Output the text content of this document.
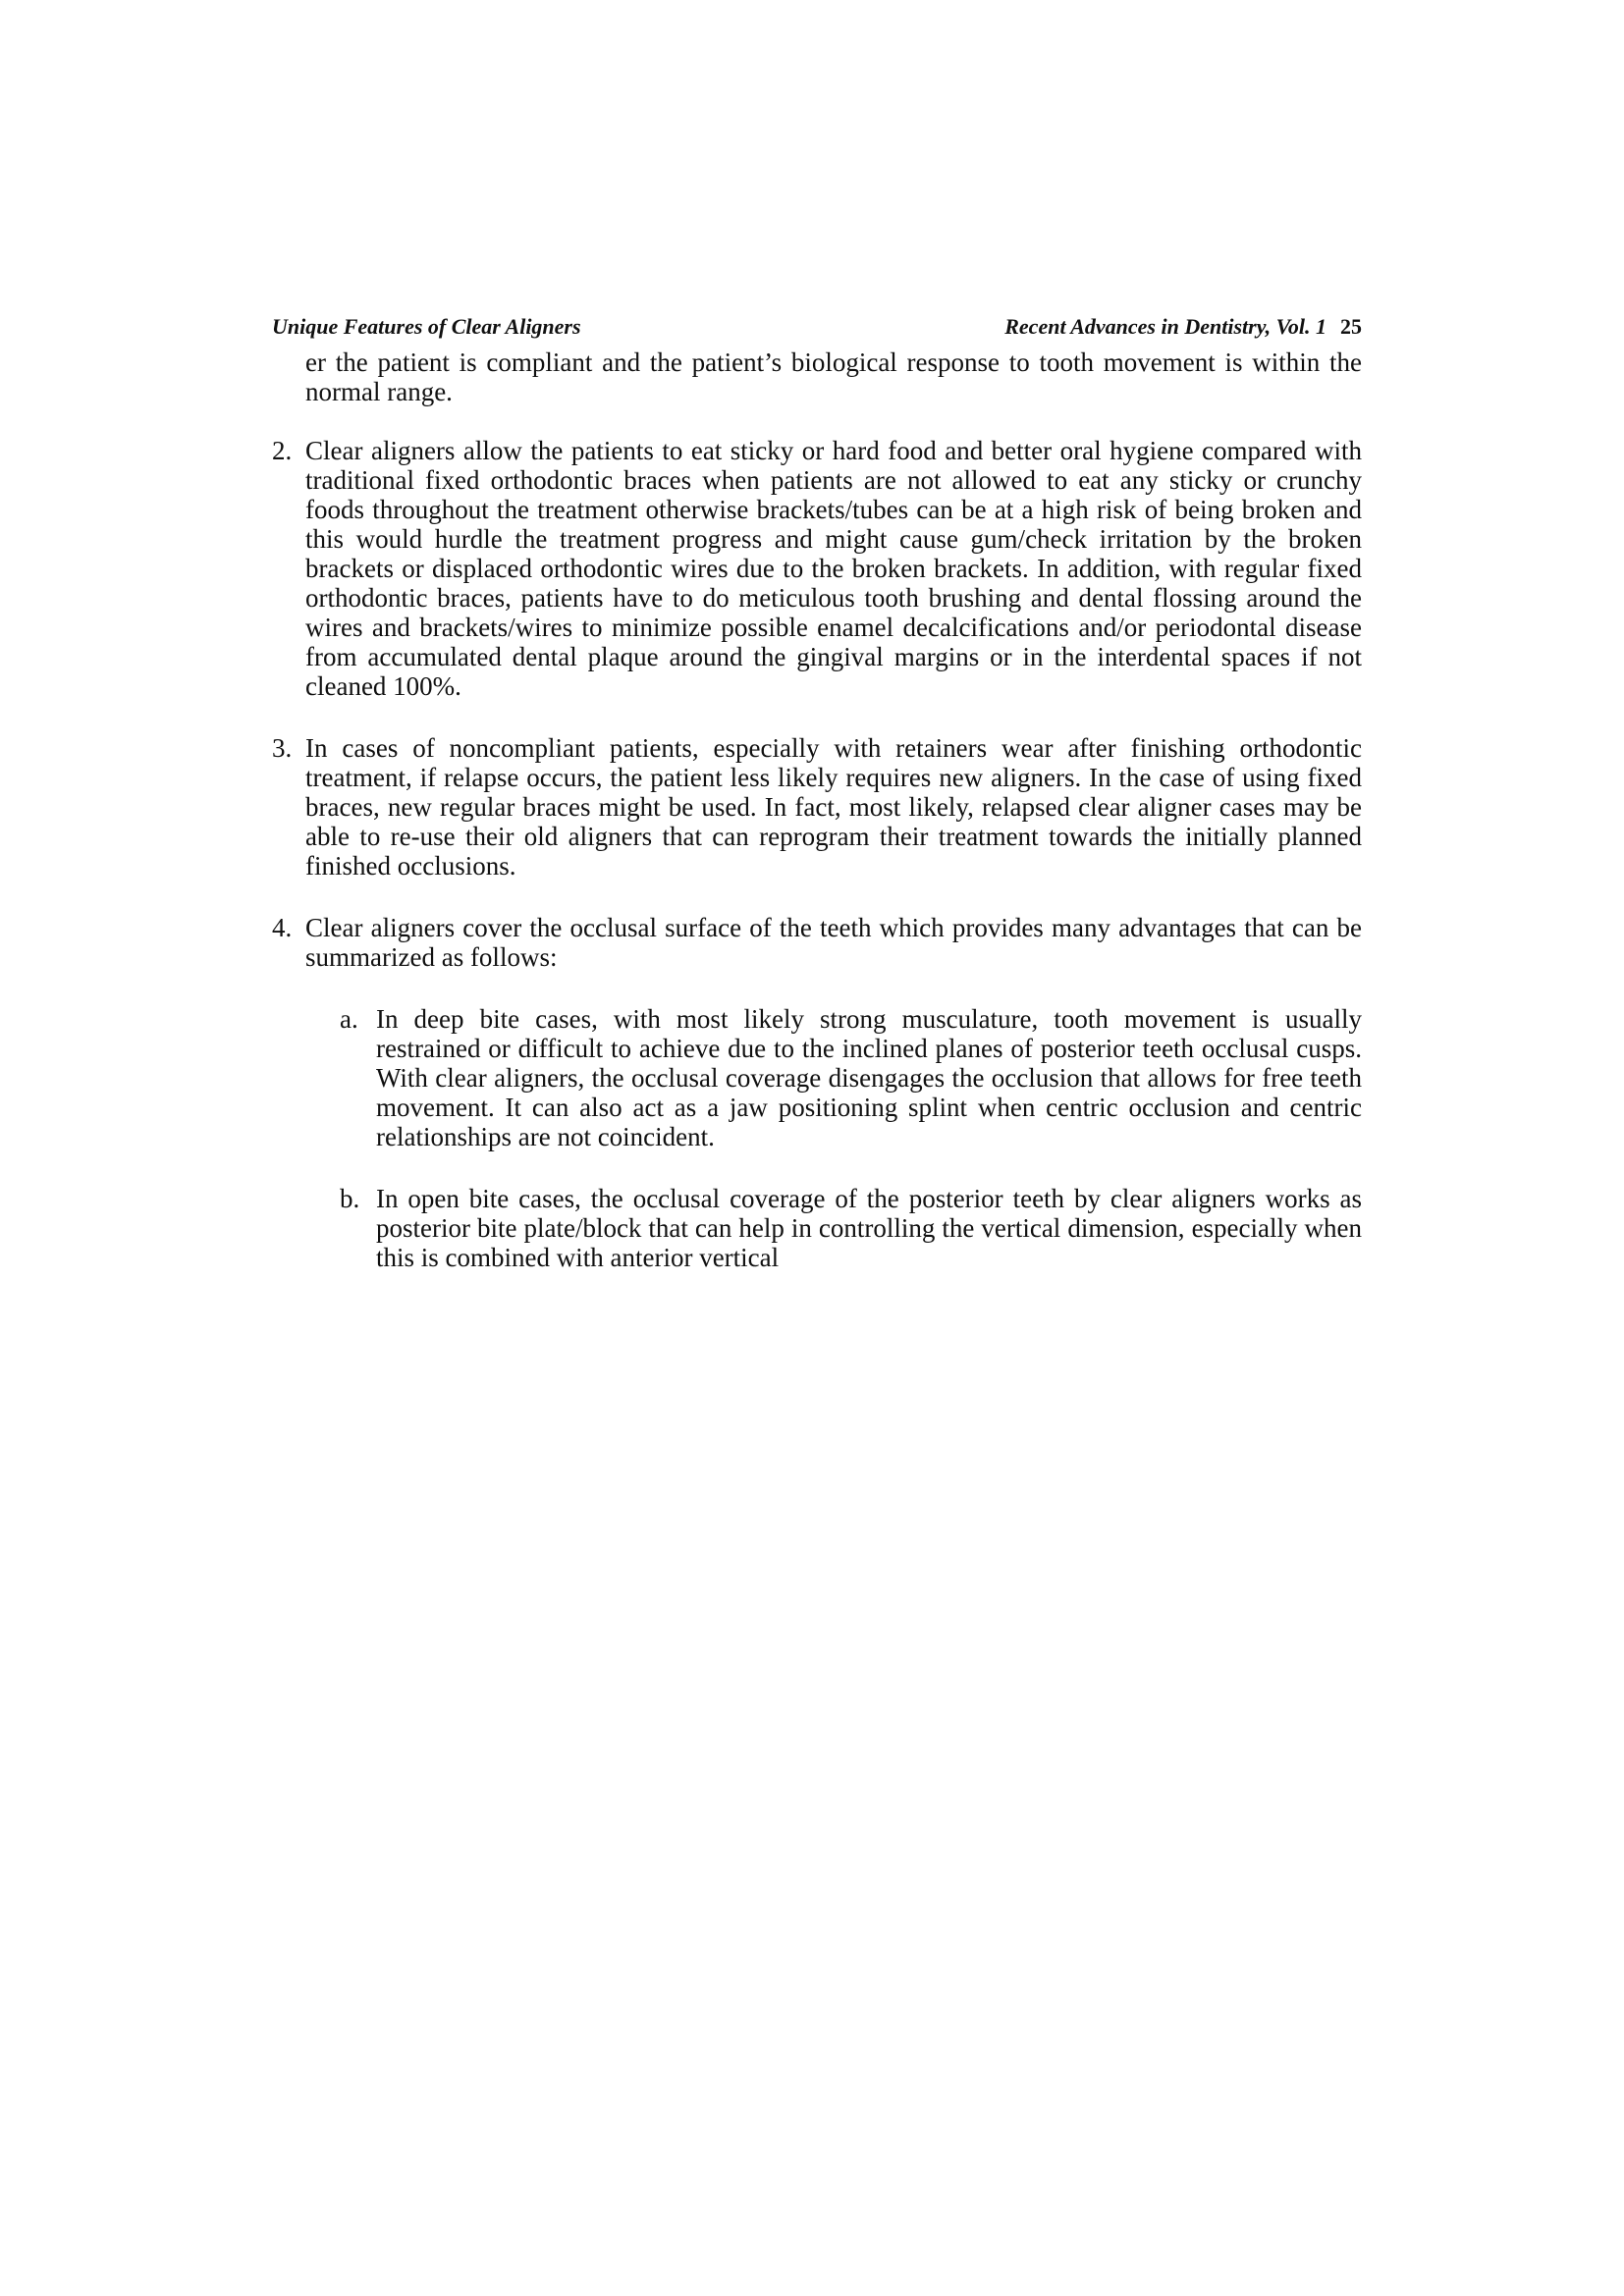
Unique Features of Clear Aligners	Recent Advances in Dentistry, Vol. 1 25

er the patient is compliant and the patient’s biological response to tooth movement is within the normal range.

2. Clear aligners allow the patients to eat sticky or hard food and better oral hygiene compared with traditional fixed orthodontic braces when patients are not allowed to eat any sticky or crunchy foods throughout the treatment otherwise brackets/tubes can be at a high risk of being broken and this would hurdle the treatment progress and might cause gum/check irritation by the broken brackets or displaced orthodontic wires due to the broken brackets. In addition, with regular fixed orthodontic braces, patients have to do meticulous tooth brushing and dental flossing around the wires and brackets/wires to minimize possible enamel decalcifications and/or periodontal disease from accumulated dental plaque around the gingival margins or in the interdental spaces if not cleaned 100%.
3. In cases of noncompliant patients, especially with retainers wear after finishing orthodontic treatment, if relapse occurs, the patient less likely requires new aligners. In the case of using fixed braces, new regular braces might be used. In fact, most likely, relapsed clear aligner cases may be able to re-use their old aligners that can reprogram their treatment towards the initially planned finished occlusions.
4. Clear aligners cover the occlusal surface of the teeth which provides many advantages that can be summarized as follows:
a. In deep bite cases, with most likely strong musculature, tooth movement is usually restrained or difficult to achieve due to the inclined planes of posterior teeth occlusal cusps. With clear aligners, the occlusal coverage disengages the occlusion that allows for free teeth movement. It can also act as a jaw positioning splint when centric occlusion and centric relationships are not coincident.
b. In open bite cases, the occlusal coverage of the posterior teeth by clear aligners works as posterior bite plate/block that can help in controlling the vertical dimension, especially when this is combined with anterior vertical
